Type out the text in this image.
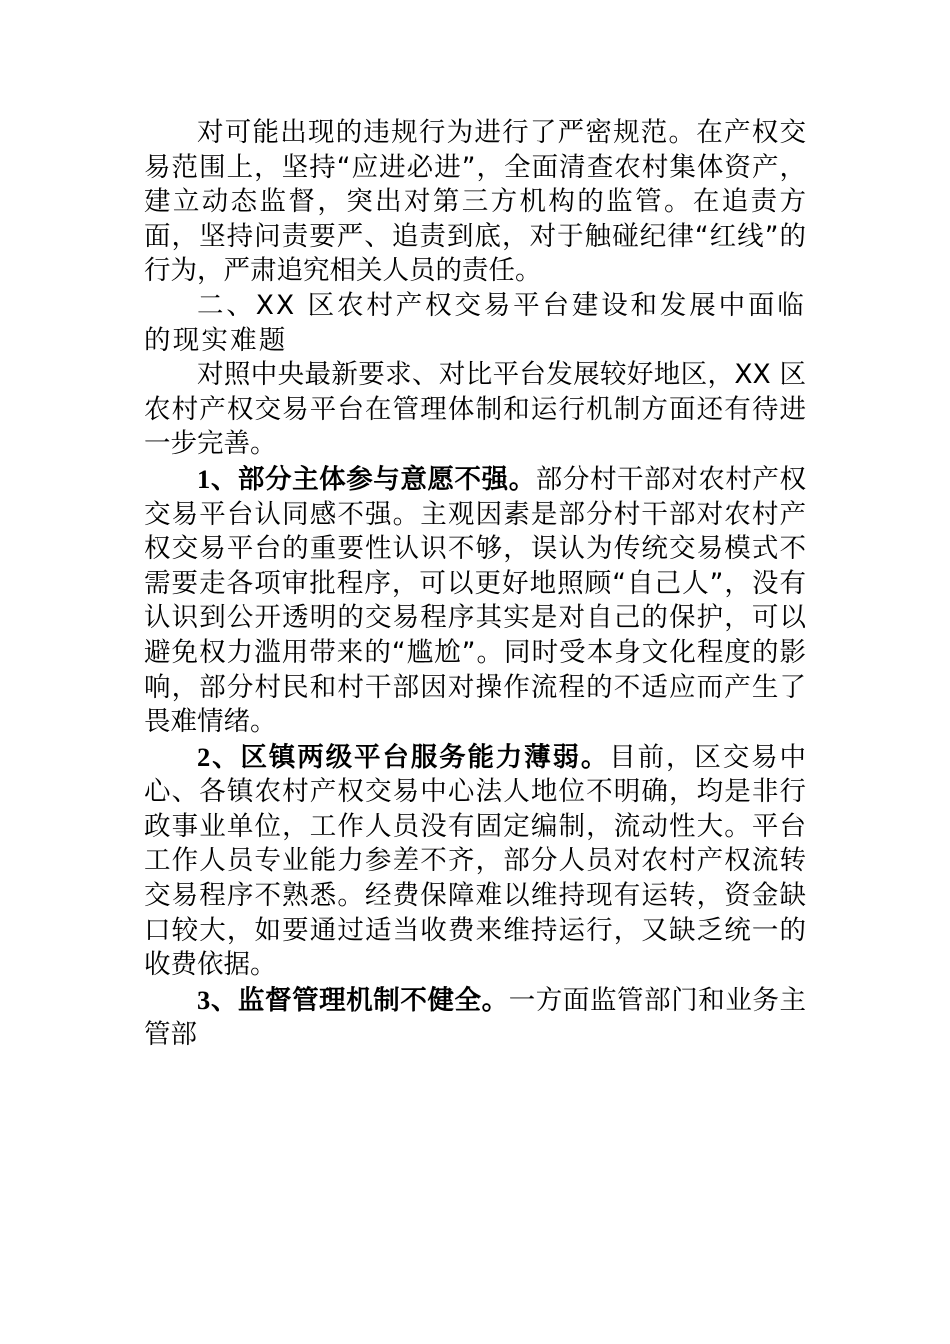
对可能出现的违规行为进行了严密规范。在产权交易范围上，坚持“应进必进”，全面清查农村集体资产，建立动态监督，突出对第三方机构的监管。在追责方面，坚持问责要严、追责到底，对于触碰纪律“红线”的行为，严肃追究相关人员的责任。

二、XX 区农村产权交易平台建设和发展中面临的现实难题

对照中央最新要求、对比平台发展较好地区，XX 区农村产权交易平台在管理体制和运行机制方面还有待进一步完善。

1、部分主体参与意愿不强。部分村干部对农村产权交易平台认同感不强。主观因素是部分村干部对农村产权交易平台的重要性认识不够，误认为传统交易模式不需要走各项审批程序，可以更好地照顾“自己人”，没有认识到公开透明的交易程序其实是对自己的保护，可以避免权力滥用带来的“尴尬”。同时受本身文化程度的影响，部分村民和村干部因对操作流程的不适应而产生了畏难情绪。

2、区镇两级平台服务能力薄弱。目前，区交易中心、各镇农村产权交易中心法人地位不明确，均是非行政事业单位，工作人员没有固定编制，流动性大。平台工作人员专业能力参差不齐，部分人员对农村产权流转交易程序不熟悉。经费保障难以维持现有运转，资金缺口较大，如要通过适当收费来维持运行，又缺乏统一的收费依据。

3、监督管理机制不健全。一方面监管部门和业务主管部
